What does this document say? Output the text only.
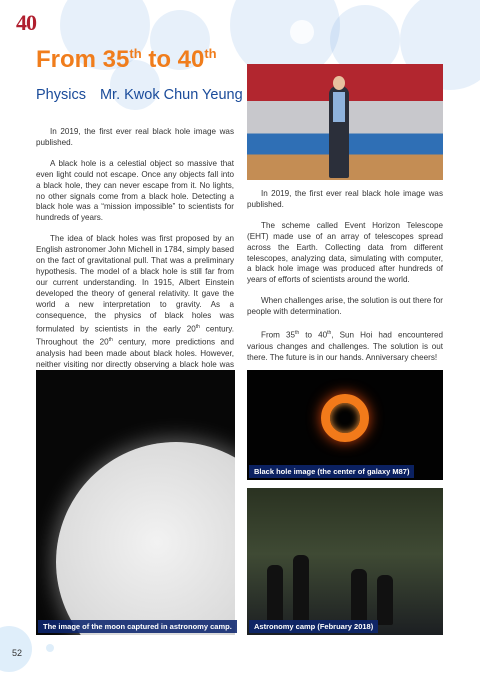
40
From 35th to 40th
Physics Mr. Kwok Chun Yeung

In 2019, the first ever real black hole image was published.

A black hole is a celestial object so massive that even light could not escape. Once any objects fall into a black hole, they can never escape from it. No lights, no other signals come from a black hole. Detecting a black hole was a “mission impossible” to scientists for hundreds of years.

The idea of black holes was first proposed by an English astronomer John Michell in 1784, simply based on the fact of gravitational pull. That was a preliminary hypothesis. The model of a black hole is still far from our current understanding. In 1915, Albert Einstein developed the theory of general relativity. It gave the world a new interpretation to gravity. As a consequence, the physics of black holes was formulated by scientists in the early 20th century. Throughout the 20th century, more predictions and analysis had been made about black holes. However, neither visiting nor directly observing a black hole was

In 2019, the first ever real black hole image was published.

The scheme called Event Horizon Telescope (EHT) made use of an array of telescopes spread across the Earth. Collecting data from different telescopes, analyzing data, simulating with computer, a black hole image was produced after hundreds of years of efforts of scientists around the world.

When challenges arise, the solution is out there for people with determination.

From 35th to 40th, Sun Hoi had encountered various changes and challenges. The solution is out there. The future is in our hands. Anniversary cheers!

The image of the moon captured in astronomy camp.
Black hole image (the center of galaxy M87)
Astronomy camp (February 2018)
52
